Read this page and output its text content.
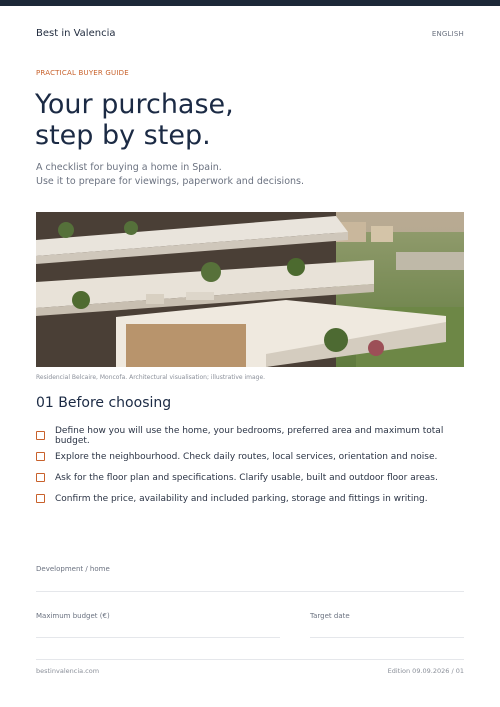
Best in Valencia	ENGLISH
PRACTICAL BUYER GUIDE
Your purchase,
step by step.
A checklist for buying a home in Spain.
Use it to prepare for viewings, paperwork and decisions.
Residencial Belcaire, Moncofa. Architectural visualisation; illustrative image.
01 Before choosing
Define how you will use the home, your bedrooms, preferred area and maximum total budget.
Explore the neighbourhood. Check daily routes, local services, orientation and noise.
Ask for the floor plan and specifications. Clarify usable, built and outdoor floor areas.
Confirm the price, availability and included parking, storage and fittings in writing.
Development / home
Maximum budget (€)	Target date
bestinvalencia.com	Edition 09.09.2026 / 01
